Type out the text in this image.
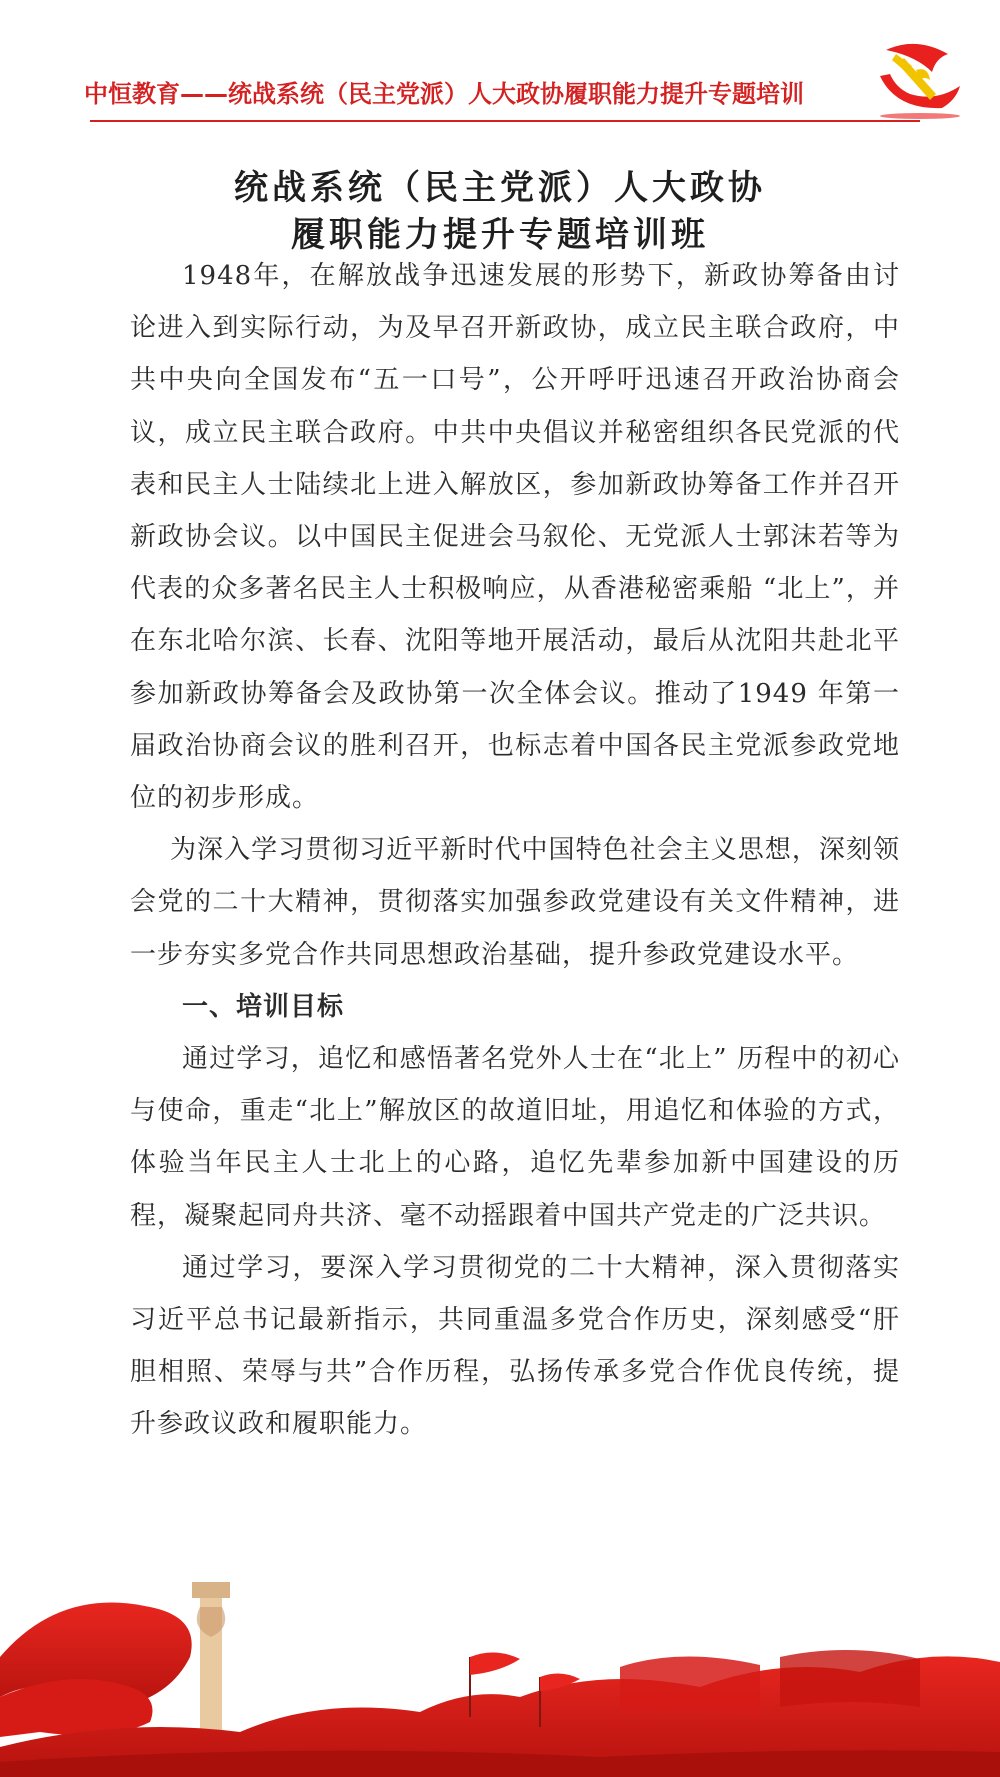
中恒教育——统战系统（民主党派）人大政协履职能力提升专题培训
统战系统（民主党派）人大政协
履职能力提升专题培训班

1948年，在解放战争迅速发展的形势下，新政协筹备由讨论进入到实际行动，为及早召开新政协，成立民主联合政府，中共中央向全国发布“五一口号”，公开呼吁迅速召开政治协商会议，成立民主联合政府。中共中央倡议并秘密组织各民党派的代表和民主人士陆续北上进入解放区，参加新政协筹备工作并召开新政协会议。以中国民主促进会马叙伦、无党派人士郭沫若等为代表的众多著名民主人士积极响应，从香港秘密乘船 “北上”，并在东北哈尔滨、长春、沈阳等地开展活动，最后从沈阳共赴北平参加新政协筹备会及政协第一次全体会议。推动了1949 年第一届政治协商会议的胜利召开，也标志着中国各民主党派参政党地位的初步形成。

为深入学习贯彻习近平新时代中国特色社会主义思想，深刻领会党的二十大精神，贯彻落实加强参政党建设有关文件精神，进一步夯实多党合作共同思想政治基础，提升参政党建设水平。

一、培训目标

通过学习，追忆和感悟著名党外人士在“北上” 历程中的初心与使命，重走“北上”解放区的故道旧址，用追忆和体验的方式，体验当年民主人士北上的心路，追忆先辈参加新中国建设的历程，凝聚起同舟共济、毫不动摇跟着中国共产党走的广泛共识。

通过学习，要深入学习贯彻党的二十大精神，深入贯彻落实习近平总书记最新指示，共同重温多党合作历史，深刻感受“肝胆相照、荣辱与共”合作历程，弘扬传承多党合作优良传统，提升参政议政和履职能力。
